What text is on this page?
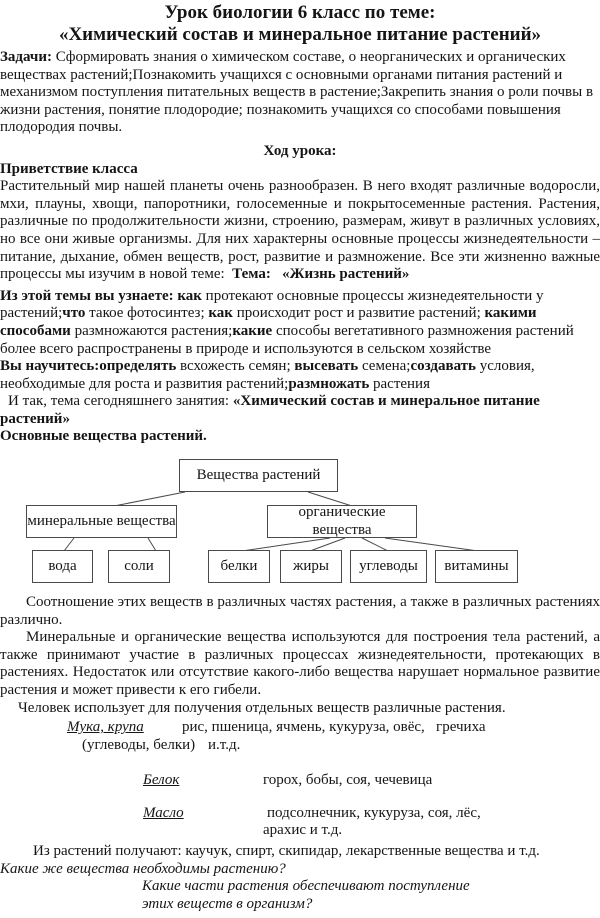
Урок биологии 6 класс по теме:

«Химический состав и минеральное питание растений»

Задачи: Сформировать знания о химическом составе, о неорганических и органических веществах растений;Познакомить учащихся с основными органами питания растений и механизмом поступления питательных веществ в растение;Закрепить знания о роли почвы в жизни растения, понятие плодородие; познакомить учащихся со способами повышения плодородия почвы.

Ход урока:

Приветствие класса

Растительный мир нашей планеты очень разнообразен. В него входят различные водоросли, мхи, плауны, хвощи, папоротники, голосеменные и покрытосеменные растения. Растения, различные по продолжительности жизни, строению, размерам, живут в различных условиях, но все они живые организмы. Для них характерны основные процессы жизнедеятельности – питание, дыхание, обмен веществ, рост, развитие и размножение. Все эти жизненно важные процессы мы изучим в новой теме:  Тема:   «Жизнь растений»

Из этой темы вы узнаете: как протекают основные процессы жизнедеятельности у растений;что такое фотосинтез; как происходит рост и развитие растений; какими способами размножаются растения;какие способы вегетативного размножения растений более всего распространены в природе и используются в сельском хозяйстве

Вы научитесь:определять всхожесть семян; высевать семена;создавать условия, необходимые для роста и развития растений;размножать растения

И так, тема сегодняшнего занятия: «Химический состав и минеральное питание растений»

Основные вещества растений.

Вещества растений
минеральные вещества
органические вещества
вода	соли	белки	жиры	углеводы	витамины

Соотношение этих веществ в различных частях растения, а также в различных растениях различно.

Минеральные и органические вещества используются для построения тела растений, а также принимают участие в различных процессах жизнедеятельности, протекающих в растениях. Недостаток или отсутствие какого-либо вещества нарушает нормальное развитие растения и может привести к его гибели.

Человек использует для получения отдельных веществ различные растения.

Мука, крупа	рис, пшеница, ячмень, кукуруза, овёс,   гречиха
(углеводы, белки) и.т.д.
Белок	горох, бобы, соя, чечевица
Масло	подсолнечник, кукуруза, соя, лёс,
арахис и т.д.

Из растений получают: каучук, спирт, скипидар, лекарственные вещества и т.д.

Какие же вещества необходимы растению?

Какие части растения обеспечивают поступление

этих веществ в организм?
